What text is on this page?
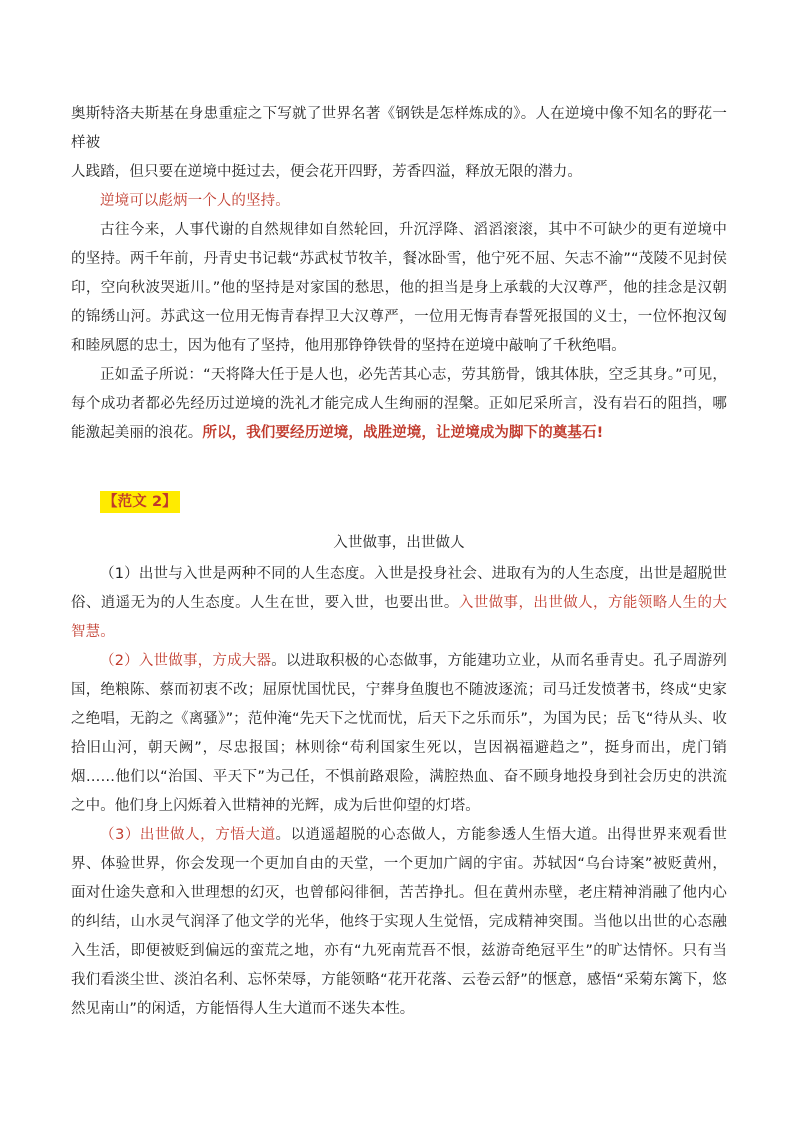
奥斯特洛夫斯基在身患重症之下写就了世界名著《钢铁是怎样炼成的》。人在逆境中像不知名的野花一样被
人践踏，但只要在逆境中挺过去，便会花开四野，芳香四溢，释放无限的潜力。

逆境可以彪炳一个人的坚持。

古往今来，人事代谢的自然规律如自然轮回，升沉浮降、滔滔滚滚，其中不可缺少的更有逆境中的坚持。两千年前，丹青史书记载“苏武杖节牧羊，餐冰卧雪，他宁死不屈、矢志不渝”“茂陵不见封侯印，空向秋波哭逝川。”他的坚持是对家国的愁思，他的担当是身上承载的大汉尊严，他的挂念是汉朝的锦绣山河。苏武这一位用无悔青春捍卫大汉尊严，一位用无悔青春誓死报国的义士，一位怀抱汉匈和睦夙愿的忠士，因为他有了坚持，他用那铮铮铁骨的坚持在逆境中敲响了千秋绝唱。

正如孟子所说：“天将降大任于是人也，必先苦其心志，劳其筋骨，饿其体肤，空乏其身。”可见，每个成功者都必先经历过逆境的洗礼才能完成人生绚丽的涅槃。正如尼采所言，没有岩石的阻挡，哪能激起美丽的浪花。所以，我们要经历逆境，战胜逆境，让逆境成为脚下的奠基石!

【范文 2】

入世做事，出世做人

（1）出世与入世是两种不同的人生态度。入世是投身社会、进取有为的人生态度，出世是超脱世俗、逍遥无为的人生态度。人生在世，要入世，也要出世。入世做事，出世做人，方能领略人生的大智慧。

（2）入世做事，方成大器。以进取积极的心态做事，方能建功立业，从而名垂青史。孔子周游列国，绝粮陈、蔡而初衷不改；屈原忧国忧民，宁葬身鱼腹也不随波逐流；司马迁发愤著书，终成“史家之绝唱，无韵之《离骚》”；范仲淹“先天下之忧而忧，后天下之乐而乐”，为国为民；岳飞“待从头、收拾旧山河，朝天阙”，尽忠报国；林则徐“苟利国家生死以，岂因祸福避趋之”，挺身而出，虎门销烟……他们以“治国、平天下”为己任，不惧前路艰险，满腔热血、奋不顾身地投身到社会历史的洪流之中。他们身上闪烁着入世精神的光辉，成为后世仰望的灯塔。

（3）出世做人，方悟大道。以逍遥超脱的心态做人，方能参透人生悟大道。出得世界来观看世界、体验世界，你会发现一个更加自由的天堂，一个更加广阔的宇宙。苏轼因“乌台诗案”被贬黄州，面对仕途失意和入世理想的幻灭，也曾郁闷徘徊，苦苦挣扎。但在黄州赤壁，老庄精神消融了他内心的纠结，山水灵气润泽了他文学的光华，他终于实现人生觉悟，完成精神突围。当他以出世的心态融入生活，即便被贬到偏远的蛮荒之地，亦有“九死南荒吾不恨，兹游奇绝冠平生”的旷达情怀。只有当我们看淡尘世、淡泊名利、忘怀荣辱，方能领略“花开花落、云卷云舒”的惬意，感悟“采菊东篱下，悠然见南山”的闲适，方能悟得人生大道而不迷失本性。
